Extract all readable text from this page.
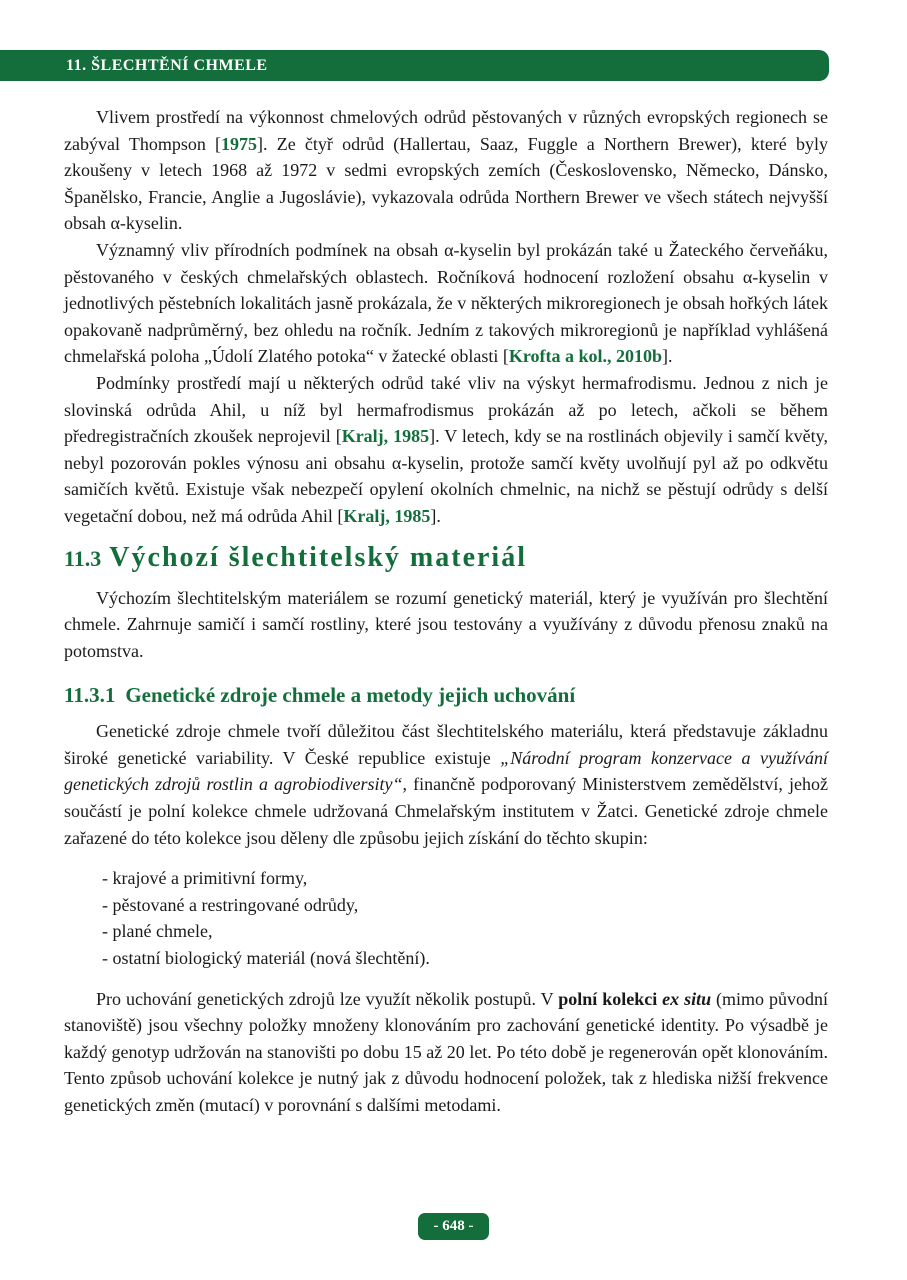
11. ŠLECHTĚNÍ CHMELE

Vlivem prostředí na výkonnost chmelových odrůd pěstovaných v různých evropských regionech se zabýval Thompson [1975]. Ze čtyř odrůd (Hallertau, Saaz, Fuggle a Northern Brewer), které byly zkoušeny v letech 1968 až 1972 v sedmi evropských zemích (Československo, Německo, Dánsko, Španělsko, Francie, Anglie a Jugoslávie), vykazovala odrůda Northern Brewer ve všech státech nejvyšší obsah α-kyselin.

Významný vliv přírodních podmínek na obsah α-kyselin byl prokázán také u Žateckého červeňáku, pěstovaného v českých chmelařských oblastech. Ročníková hodnocení rozložení obsahu α-kyselin v jednotlivých pěstebních lokalitách jasně prokázala, že v některých mikroregionech je obsah hořkých látek opakovaně nadprůměrný, bez ohledu na ročník. Jedním z takových mikroregionů je například vyhlášená chmelařská poloha „Údolí Zlatého potoka“ v žatecké oblasti [Krofta a kol., 2010b].

Podmínky prostředí mají u některých odrůd také vliv na výskyt hermafrodismu. Jednou z nich je slovinská odrůda Ahil, u níž byl hermafrodismus prokázán až po letech, ačkoli se během předregistračních zkoušek neprojevil [Kralj, 1985]. V letech, kdy se na rostlinách objevily i samčí květy, nebyl pozorován pokles výnosu ani obsahu α-kyselin, protože samčí květy uvolňují pyl až po odkvětu samičích květů. Existuje však nebezpečí opylení okolních chmelnic, na nichž se pěstují odrůdy s delší vegetační dobou, než má odrůda Ahil [Kralj, 1985].

11.3 Výchozí šlechtitelský materiál

Výchozím šlechtitelským materiálem se rozumí genetický materiál, který je využíván pro šlechtění chmele. Zahrnuje samičí i samčí rostliny, které jsou testovány a využívány z důvodu přenosu znaků na potomstva.

11.3.1 Genetické zdroje chmele a metody jejich uchování

Genetické zdroje chmele tvoří důležitou část šlechtitelského materiálu, která představuje základnu široké genetické variability. V České republice existuje „Národní program konzervace a využívání genetických zdrojů rostlin a agrobiodiversity“, finančně podporovaný Ministerstvem zemědělství, jehož součástí je polní kolekce chmele udržovaná Chmelařským institutem v Žatci. Genetické zdroje chmele zařazené do této kolekce jsou děleny dle způsobu jejich získání do těchto skupin:

- krajové a primitivní formy,
- pěstované a restringované odrůdy,
- plané chmele,
- ostatní biologický materiál (nová šlechtění).

Pro uchování genetických zdrojů lze využít několik postupů. V polní kolekci ex situ (mimo původní stanoviště) jsou všechny položky množeny klonováním pro zachování genetické identity. Po výsadbě je každý genotyp udržován na stanovišti po dobu 15 až 20 let. Po této době je regenerován opět klonováním. Tento způsob uchování kolekce je nutný jak z důvodu hodnocení položek, tak z hlediska nižší frekvence genetických změn (mutací) v porovnání s dalšími metodami.

- 648 -
